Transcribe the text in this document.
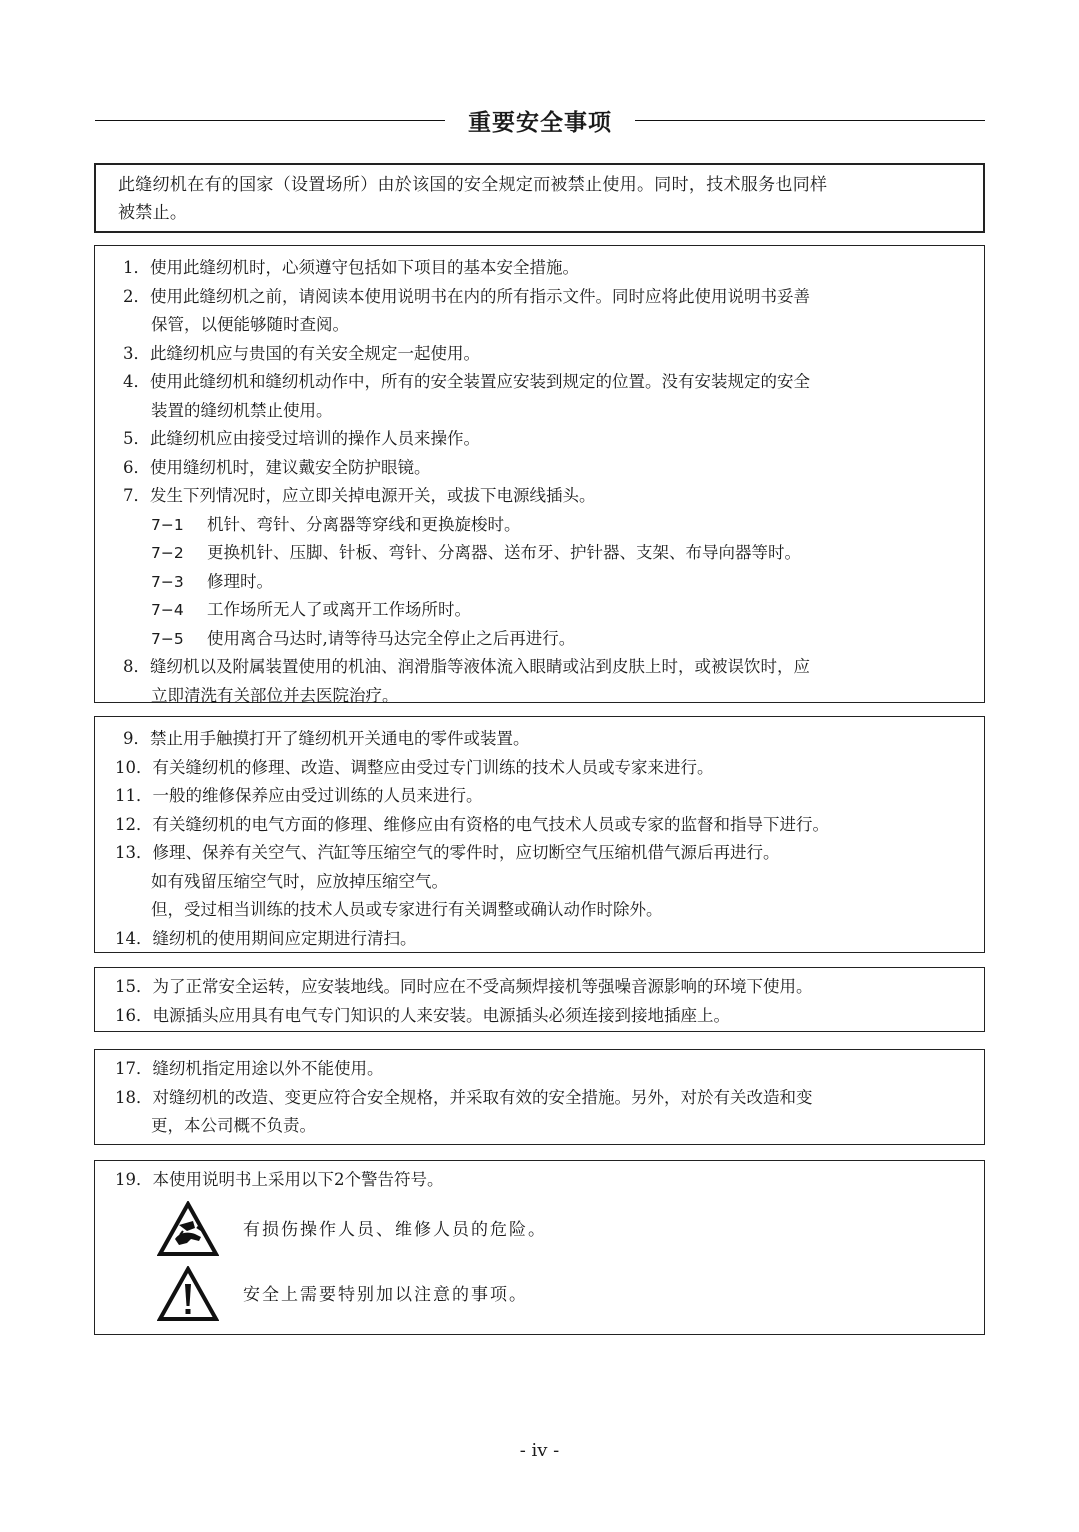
重要安全事项

此缝纫机在有的国家（设置场所）由於该国的安全规定而被禁止使用。同时，技术服务也同样

被禁止。

1．使用此缝纫机时，心须遵守包括如下项目的基本安全措施。

2．使用此缝纫机之前，请阅读本使用说明书在内的所有指示文件。同时应将此使用说明书妥善

保管，以便能够随时查阅。

3．此缝纫机应与贵国的有关安全规定一起使用。

4．使用此缝纫机和缝纫机动作中，所有的安全装置应安装到规定的位置。没有安装规定的安全

装置的缝纫机禁止使用。

5．此缝纫机应由接受过培训的操作人员来操作。

6．使用缝纫机时，建议戴安全防护眼镜。

7．发生下列情况时，应立即关掉电源开关，或拔下电源线插头。

7−1 机针、弯针、分离器等穿线和更换旋梭时。

7−2 更换机针、压脚、针板、弯针、分离器、送布牙、护针器、支架、布导向器等时。

7−3 修理时。

7−4 工作场所无人了或离开工作场所时。

7−5 使用离合马达时,请等待马达完全停止之后再进行。

8．缝纫机以及附属装置使用的机油、润滑脂等液体流入眼睛或沾到皮肤上时，或被误饮时，应

立即清洗有关部位并去医院治疗。

9．禁止用手触摸打开了缝纫机开关通电的零件或装置。

10．有关缝纫机的修理、改造、调整应由受过专门训练的技术人员或专家来进行。

11．一般的维修保养应由受过训练的人员来进行。

12．有关缝纫机的电气方面的修理、维修应由有资格的电气技术人员或专家的监督和指导下进行。

13．修理、保养有关空气、汽缸等压缩空气的零件时，应切断空气压缩机借气源后再进行。

如有残留压缩空气时，应放掉压缩空气。

但，受过相当训练的技术人员或专家进行有关调整或确认动作时除外。

14．缝纫机的使用期间应定期进行清扫。

15．为了正常安全运转，应安装地线。同时应在不受高频焊接机等强噪音源影响的环境下使用。

16．电源插头应用具有电气专门知识的人来安装。电源插头必须连接到接地插座上。

17．缝纫机指定用途以外不能使用。

18．对缝纫机的改造、变更应符合安全规格，并采取有效的安全措施。另外，对於有关改造和变

更，本公司概不负责。

19．本使用说明书上采用以下2个警告符号。

有损伤操作人员、维修人员的危险。
安全上需要特别加以注意的事项。
- iv -
